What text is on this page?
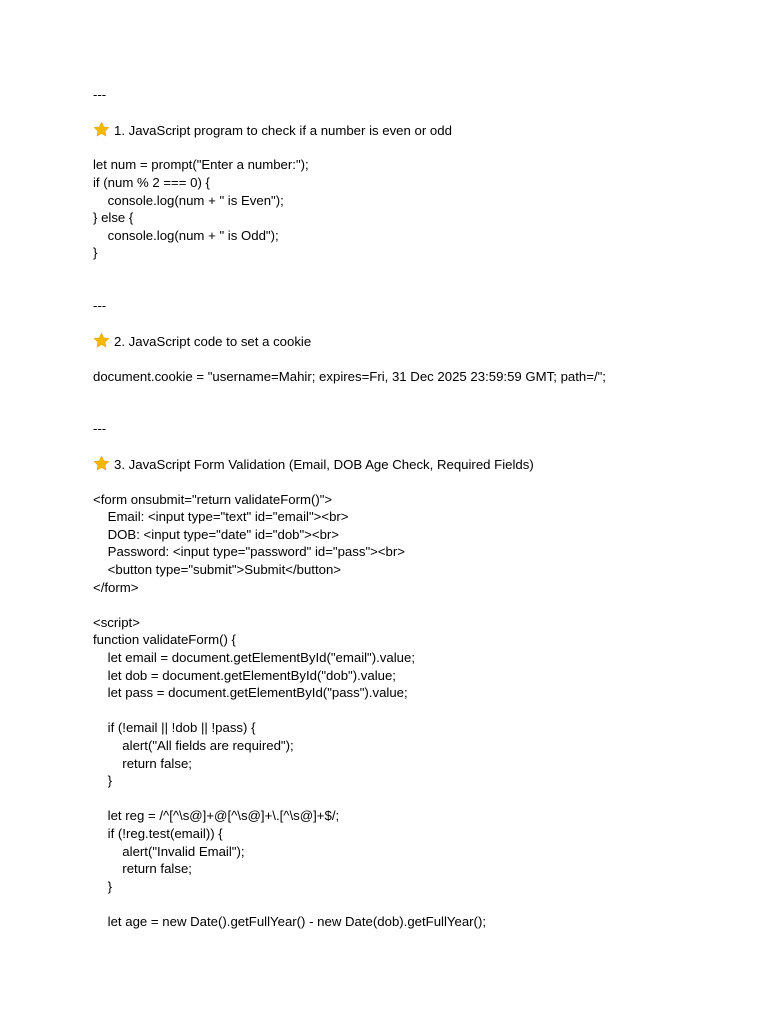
---
1. JavaScript program to check if a number is even or odd
let num = prompt("Enter a number:");
if (num % 2 === 0) {
console.log(num + " is Even");
} else {
console.log(num + " is Odd");
}
---
2. JavaScript code to set a cookie
document.cookie = "username=Mahir; expires=Fri, 31 Dec 2025 23:59:59 GMT; path=/";
---
3. JavaScript Form Validation (Email, DOB Age Check, Required Fields)
<form onsubmit="return validateForm()">
Email: <input type="text" id="email"><br>
DOB: <input type="date" id="dob"><br>
Password: <input type="password" id="pass"><br>
<button type="submit">Submit</button>
</form>
<script>
function validateForm() {
let email = document.getElementById("email").value;
let dob = document.getElementById("dob").value;
let pass = document.getElementById("pass").value;
if (!email || !dob || !pass) {
alert("All fields are required");
return false;
}
let reg = /^[^\s@]+@[^\s@]+\.[^\s@]+$/;
if (!reg.test(email)) {
alert("Invalid Email");
return false;
}
let age = new Date().getFullYear() - new Date(dob).getFullYear();
